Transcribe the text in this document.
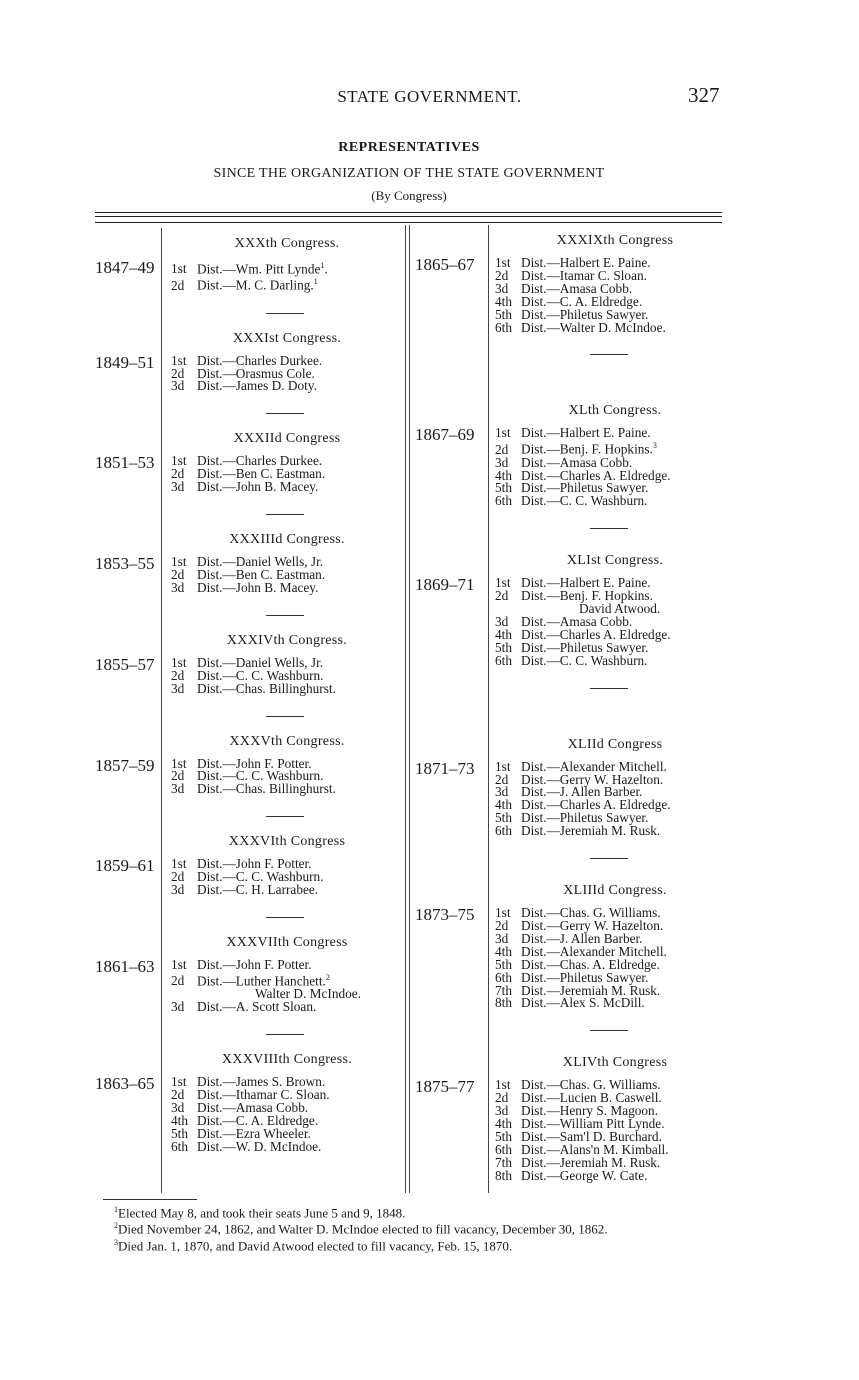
STATE GOVERNMENT.	327
REPRESENTATIVES
SINCE THE ORGANIZATION OF THE STATE GOVERNMENT
(By Congress)
XXXth Congress.
1847–49 1st Dist.—Wm. Pitt Lynde$^1$.
2d Dist.—M. C. Darling.$^1$
XXXIst Congress.
1849–51 1st Dist.—Charles Durkee.
2d Dist.—Orasmus Cole.
3d Dist.—James D. Doty.
XXXIId Congress
1851–53 1st Dist.—Charles Durkee.
2d Dist.—Ben C. Eastman.
3d Dist.—John B. Macey.
XXXIIId Congress.
1853–55 1st Dist.—Daniel Wells, Jr.
2d Dist.—Ben C. Eastman.
3d Dist.—John B. Macey.
XXXIVth Congress.
1855–57 1st Dist.—Daniel Wells, Jr.
2d Dist.—C. C. Washburn.
3d Dist.—Chas. Billinghurst.
XXXVth Congress.
1857–59 1st Dist.—John F. Potter.
2d Dist.—C. C. Washburn.
3d Dist.—Chas. Billinghurst.
XXXVIth Congress
1859–61 1st Dist.—John F. Potter.
2d Dist.—C. C. Washburn.
3d Dist.—C. H. Larrabee.
XXXVIIth Congress
1861–63 1st Dist.—John F. Potter.
2d Dist.—Luther Hanchett.$^2$
Walter D. McIndoe.
3d Dist.—A. Scott Sloan.
XXXVIIIth Congress.
1863–65 1st Dist.—James S. Brown.
2d Dist.—Ithamar C. Sloan.
3d Dist.—Amasa Cobb.
4th Dist.—C. A. Eldredge.
5th Dist.—Ezra Wheeler.
6th Dist.—W. D. McIndoe.
XXXIXth Congress
1865–67 1st Dist.—Halbert E. Paine.
2d Dist.—Itamar C. Sloan.
3d Dist.—Amasa Cobb.
4th Dist.—C. A. Eldredge.
5th Dist.—Philetus Sawyer.
6th Dist.—Walter D. McIndoe.
XLth Congress.
1867–69 1st Dist.—Halbert E. Paine.
2d Dist.—Benj. F. Hopkins.$^3$
3d Dist.—Amasa Cobb.
4th Dist.—Charles A. Eldredge.
5th Dist.—Philetus Sawyer.
6th Dist.—C. C. Washburn.
XLIst Congress.
1869–71 1st Dist.—Halbert E. Paine.
2d Dist.—Benj. F. Hopkins.
David Atwood.
3d Dist.—Amasa Cobb.
4th Dist.—Charles A. Eldredge.
5th Dist.—Philetus Sawyer.
6th Dist.—C. C. Washburn.
XLIId Congress
1871–73 1st Dist.—Alexander Mitchell.
2d Dist.—Gerry W. Hazelton.
3d Dist.—J. Allen Barber.
4th Dist.—Charles A. Eldredge.
5th Dist.—Philetus Sawyer.
6th Dist.—Jeremiah M. Rusk.
XLIIId Congress.
1873–75 1st Dist.—Chas. G. Williams.
2d Dist.—Gerry W. Hazelton.
3d Dist.—J. Allen Barber.
4th Dist.—Alexander Mitchell.
5th Dist.—Chas. A. Eldredge.
6th Dist.—Philetus Sawyer.
7th Dist.—Jeremiah M. Rusk.
8th Dist.—Alex S. McDill.
XLIVth Congress
1875–77 1st Dist.—Chas. G. Williams.
2d Dist.—Lucien B. Caswell.
3d Dist.—Henry S. Magoon.
4th Dist.—William Pitt Lynde.
5th Dist.—Sam'l D. Burchard.
6th Dist.—Alans'n M. Kimball.
7th Dist.—Jeremiah M. Rusk.
8th Dist.—George W. Cate.
$^1$Elected May 8, and took their seats June 5 and 9, 1848.
$^2$Died November 24, 1862, and Walter D. McIndoe elected to fill vacancy, December 30, 1862.
$^3$Died Jan. 1, 1870, and David Atwood elected to fill vacancy, Feb. 15, 1870.
